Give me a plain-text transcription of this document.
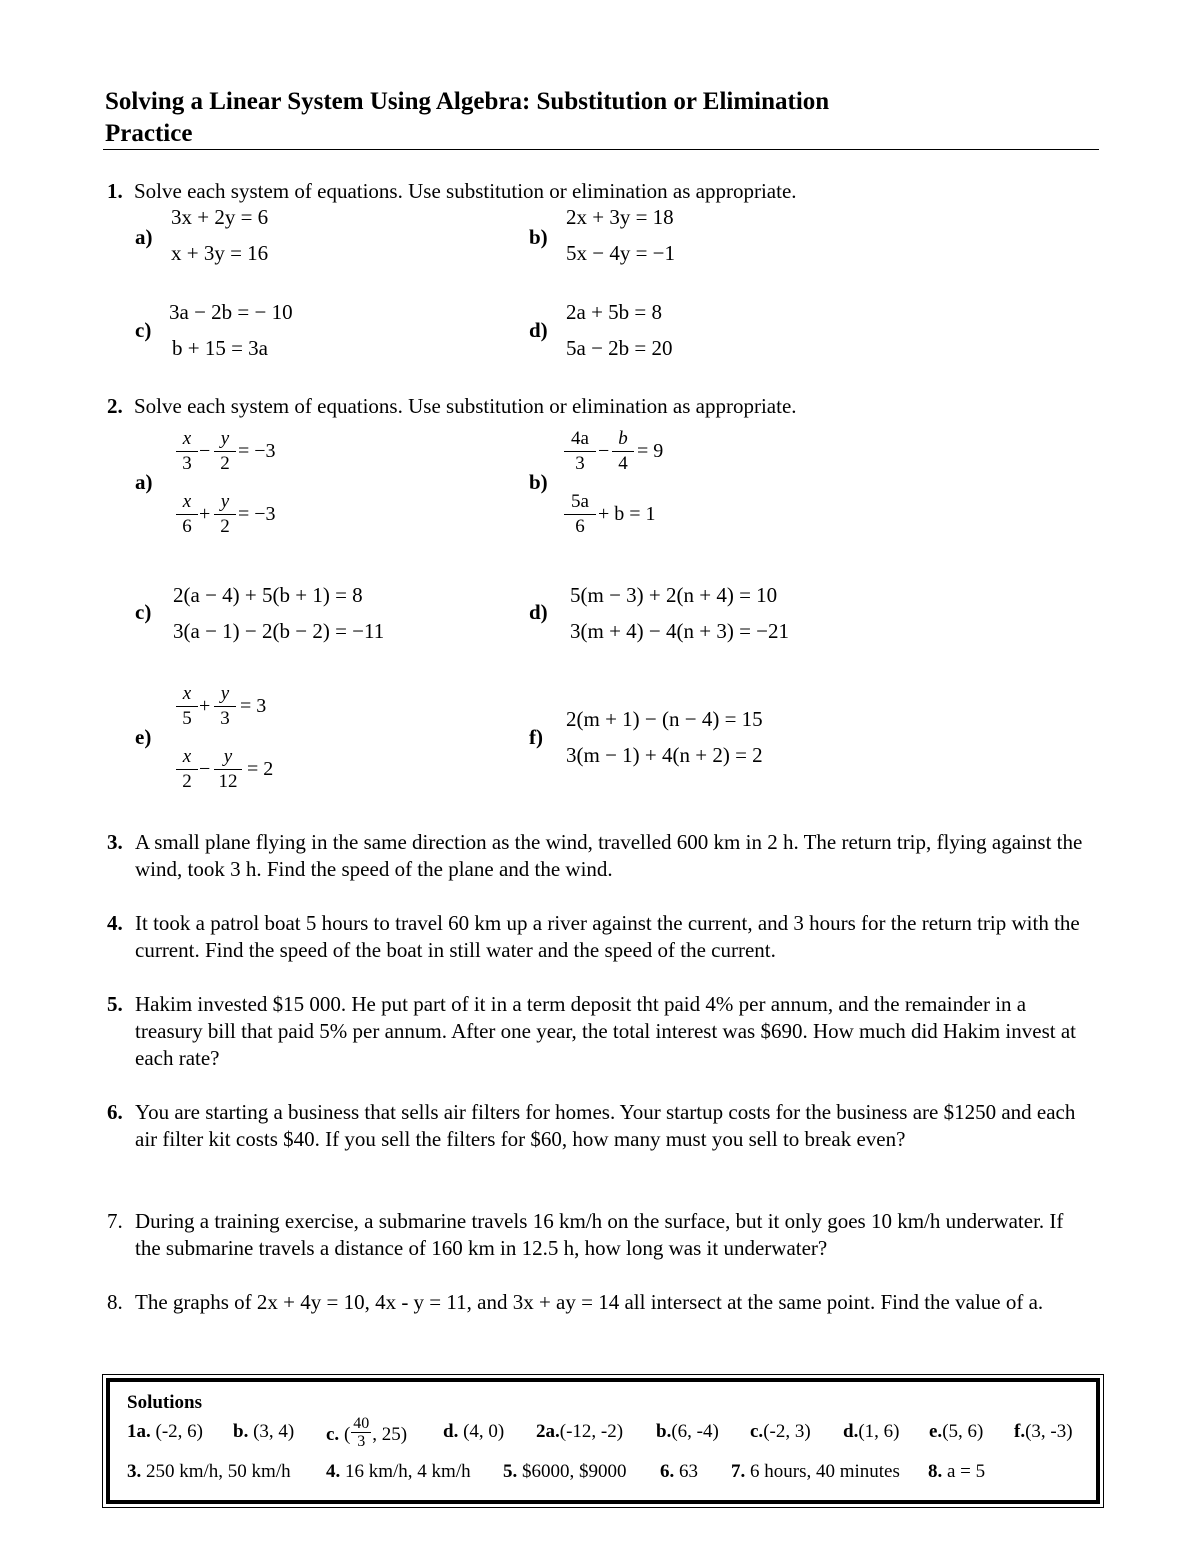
Solving a Linear System Using Algebra: Substitution or Elimination
Practice
1. Solve each system of equations. Use substitution or elimination as appropriate.
a)
3x + 2y = 6
x + 3y = 16
b)
2x + 3y = 18
5x − 4y = −1
c)
3a − 2b = − 10
b + 15 = 3a
d)
2a + 5b = 8
5a − 2b = 20
2. Solve each system of equations. Use substitution or elimination as appropriate.
a)
x
3
−
y
2
= −3
x
6
+
y
2
= −3
b)
4a
3
−
b
4
= 9
5a
6
+ b = 1
c)
2(a − 4) + 5(b + 1) = 8
3(a − 1) − 2(b − 2) = −11
d)
5(m − 3) + 2(n + 4) = 10
3(m + 4) − 4(n + 3) = −21
e)
x
5
+
y
3
= 3
x
2
−
y
12
= 2
f)
2(m + 1) − (n − 4) = 15
3(m − 1) + 4(n + 2) = 2
3. A small plane flying in the same direction as the wind, travelled 600 km in 2 h. The return trip, flying against the wind, took 3 h. Find the speed of the plane and the wind.
4. It took a patrol boat 5 hours to travel 60 km up a river against the current, and 3 hours for the return trip with the current. Find the speed of the boat in still water and the speed of the current.
5. Hakim invested $15 000. He put part of it in a term deposit tht paid 4% per annum, and the remainder in a treasury bill that paid 5% per annum. After one year, the total interest was $690. How much did Hakim invest at each rate?
6. You are starting a business that sells air filters for homes. Your startup costs for the business are $1250 and each air filter kit costs $40. If you sell the filters for $60, how many must you sell to break even?
7. During a training exercise, a submarine travels 16 km/h on the surface, but it only goes 10 km/h underwater. If the submarine travels a distance of 160 km in 12.5 h, how long was it underwater?
8. The graphs of 2x + 4y = 10, 4x - y = 11, and 3x + ay = 14 all intersect at the same point. Find the value of a.
Solutions
1a. (-2, 6) b. (3, 4) c. ( $\frac{40}{3}$ , 25) d. (4, 0) 2a.(-12, -2) b.(6, -4) c.(-2, 3) d.(1, 6) e.(5, 6) f.(3, -3)
3. 250 km/h, 50 km/h 4. 16 km/h, 4 km/h 5. $6000, $9000 6. 63 7. 6 hours, 40 minutes 8. a = 5
